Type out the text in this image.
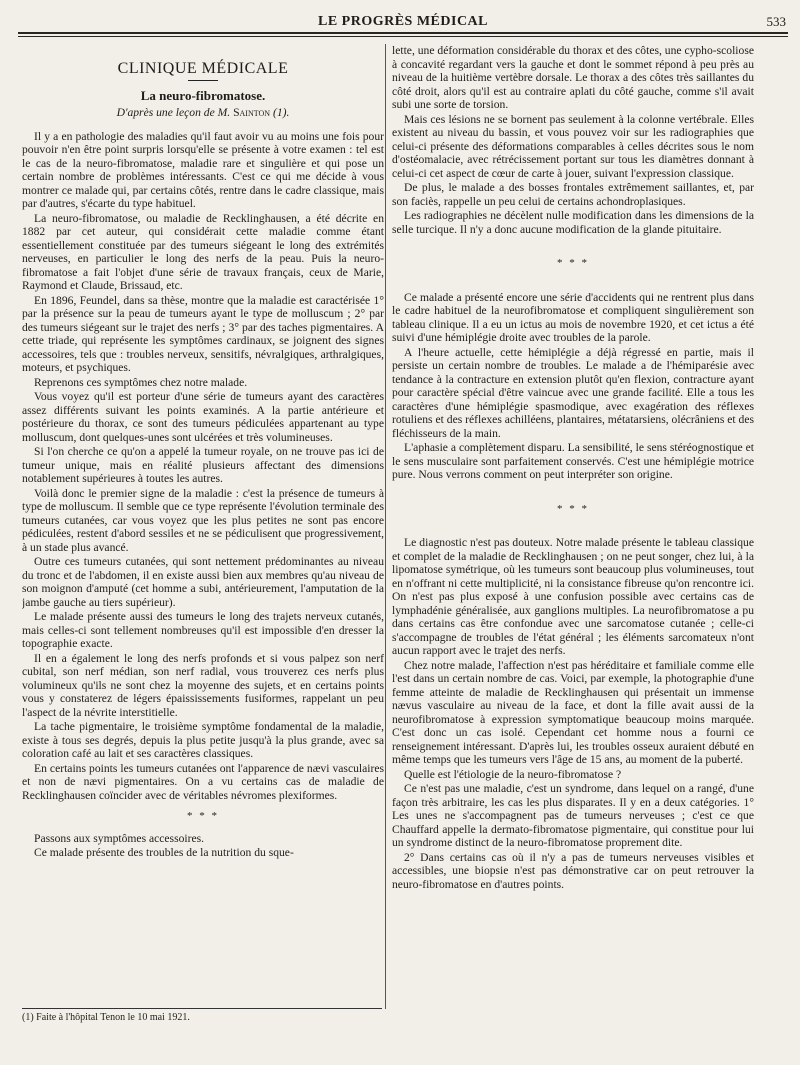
LE PROGRÈS MÉDICAL	533
CLINIQUE MÉDICALE
La neuro-fibromatose.
D'après une leçon de M. Sainton (1).

Il y a en pathologie des maladies qu'il faut avoir vu au moins une fois pour pouvoir n'en être point surpris lorsqu'elle se présente à votre examen : tel est le cas de la neuro-fibromatose, maladie rare et singulière et qui pose un certain nombre de problèmes intéressants. C'est ce qui me décide à vous montrer ce malade qui, par certains côtés, rentre dans le cadre classique, mais par d'autres, s'écarte du type habituel.

La neuro-fibromatose, ou maladie de Recklinghausen, a été décrite en 1882 par cet auteur, qui considérait cette maladie comme étant essentiellement constituée par des tumeurs siégeant le long des extrémités nerveuses, en particulier le long des nerfs de la peau. Puis la neuro-fibromatose a fait l'objet d'une série de travaux français, ceux de Marie, Raymond et Claude, Brissaud, etc.

En 1896, Feundel, dans sa thèse, montre que la maladie est caractérisée 1° par la présence sur la peau de tumeurs ayant le type de molluscum ; 2° par des tumeurs siégeant sur le trajet des nerfs ; 3° par des taches pigmentaires. A cette triade, qui représente les symptômes cardinaux, se joignent des signes accessoires, tels que : troubles nerveux, sensitifs, névralgiques, arthralgiques, moteurs, et psychiques.

Reprenons ces symptômes chez notre malade.

Vous voyez qu'il est porteur d'une série de tumeurs ayant des caractères assez différents suivant les points examinés. A la partie antérieure et postérieure du thorax, ce sont des tumeurs pédiculées appartenant au type molluscum, dont quelques-unes sont ulcérées et très volumineuses.

Si l'on cherche ce qu'on a appelé la tumeur royale, on ne trouve pas ici de tumeur unique, mais en réalité plusieurs affectant des dimensions notablement supérieures à toutes les autres.

Voilà donc le premier signe de la maladie : c'est la présence de tumeurs à type de molluscum. Il semble que ce type représente l'évolution terminale des tumeurs cutanées, car vous voyez que les plus petites ne sont pas encore pédiculées, restent d'abord sessiles et ne se pédiculisent que progressivement, à un stade plus avancé.

Outre ces tumeurs cutanées, qui sont nettement prédominantes au niveau du tronc et de l'abdomen, il en existe aussi bien aux membres qu'au niveau de son moignon d'amputé (cet homme a subi, antérieurement, l'amputation de la jambe gauche au tiers supérieur).

Le malade présente aussi des tumeurs le long des trajets nerveux cutanés, mais celles-ci sont tellement nombreuses qu'il est impossible d'en dresser la topographie exacte.

Il en a également le long des nerfs profonds et si vous palpez son nerf cubital, son nerf médian, son nerf radial, vous trouverez ces nerfs plus volumineux qu'ils ne sont chez la moyenne des sujets, et en certains points vous y constaterez de légers épaississements fusiformes, rappelant un peu l'aspect de la névrite interstitielle.

La tache pigmentaire, le troisième symptôme fondamental de la maladie, existe à tous ses degrés, depuis la plus petite jusqu'à la plus grande, avec sa coloration café au lait et ses caractères classiques.

En certains points les tumeurs cutanées ont l'apparence de nævi vasculaires et non de nævi pigmentaires. On a vu certains cas de maladie de Recklinghausen coïncider avec de véritables névromes plexiformes.

* * *

Passons aux symptômes accessoires.

Ce malade présente des troubles de la nutrition du sque-

lette, une déformation considérable du thorax et des côtes, une cypho-scoliose à concavité regardant vers la gauche et dont le sommet répond à peu près au niveau de la huitième vertèbre dorsale. Le thorax a des côtes très saillantes du côté droit, alors qu'il est au contraire aplati du côté gauche, comme s'il avait subi une sorte de torsion.

Mais ces lésions ne se bornent pas seulement à la colonne vertébrale. Elles existent au niveau du bassin, et vous pouvez voir sur les radiographies que celui-ci présente des déformations comparables à celles décrites sous le nom d'ostéomalacie, avec rétrécissement portant sur tous les diamètres donnant à celui-ci cet aspect de cœur de carte à jouer, suivant l'expression classique.

De plus, le malade a des bosses frontales extrêmement saillantes, et, par son faciès, rappelle un peu celui de certains achondroplasiques.

Les radiographies ne décèlent nulle modification dans les dimensions de la selle turcique. Il n'y a donc aucune modification de la glande pituitaire.

* * *

Ce malade a présenté encore une série d'accidents qui ne rentrent plus dans le cadre habituel de la neurofibromatose et compliquent singulièrement son tableau clinique. Il a eu un ictus au mois de novembre 1920, et cet ictus a été suivi d'une hémiplégie droite avec troubles de la parole.

A l'heure actuelle, cette hémiplégie a déjà régressé en partie, mais il persiste un certain nombre de troubles. Le malade a de l'hémiparésie avec tendance à la contracture en extension plutôt qu'en flexion, contracture ayant pour caractère spécial d'être vaincue avec une grande facilité. Elle a tous les caractères d'une hémiplégie spasmodique, avec exagération des réflexes rotuliens et des réflexes achilléens, plantaires, métatarsiens, olécrâniens et des fléchisseurs de la main.

L'aphasie a complètement disparu. La sensibilité, le sens stéréognostique et le sens musculaire sont parfaitement conservés. C'est une hémiplégie motrice pure. Nous verrons comment on peut interpréter son origine.

* * *

Le diagnostic n'est pas douteux. Notre malade présente le tableau classique et complet de la maladie de Recklinghausen ; on ne peut songer, chez lui, à la lipomatose symétrique, où les tumeurs sont beaucoup plus volumineuses, tout en n'offrant ni cette multiplicité, ni la consistance fibreuse qu'on rencontre ici. On n'est pas plus exposé à une confusion possible avec certains cas de lymphadénie généralisée, aux ganglions multiples. La neurofibromatose a pu dans certains cas être confondue avec une sarcomatose cutanée ; celle-ci s'accompagne de troubles de l'état général ; les éléments sarcomateux n'ont aucun rapport avec le trajet des nerfs.

Chez notre malade, l'affection n'est pas héréditaire et familiale comme elle l'est dans un certain nombre de cas. Voici, par exemple, la photographie d'une femme atteinte de maladie de Recklinghausen qui présentait un immense nævus vasculaire au niveau de la face, et dont la fille avait aussi de la neurofibromatose à expression symptomatique beaucoup moins marquée. C'est donc un cas isolé. Cependant cet homme nous a fourni ce renseignement intéressant. D'après lui, les troubles osseux auraient débuté en même temps que les tumeurs vers l'âge de 15 ans, au moment de la puberté.

Quelle est l'étiologie de la neuro-fibromatose ?

Ce n'est pas une maladie, c'est un syndrome, dans lequel on a rangé, d'une façon très arbitraire, les cas les plus disparates. Il y en a deux catégories. 1° Les unes ne s'accompagnent pas de tumeurs nerveuses ; c'est ce que Chauffard appelle la dermato-fibromatose pigmentaire, qui constitue pour lui un syndrome distinct de la neuro-fibromatose proprement dite.

2° Dans certains cas où il n'y a pas de tumeurs nerveuses visibles et accessibles, une biopsie n'est pas démonstrative car on peut retrouver la neuro-fibromatose en d'autres points.

(1) Faite à l'hôpital Tenon le 10 mai 1921.
